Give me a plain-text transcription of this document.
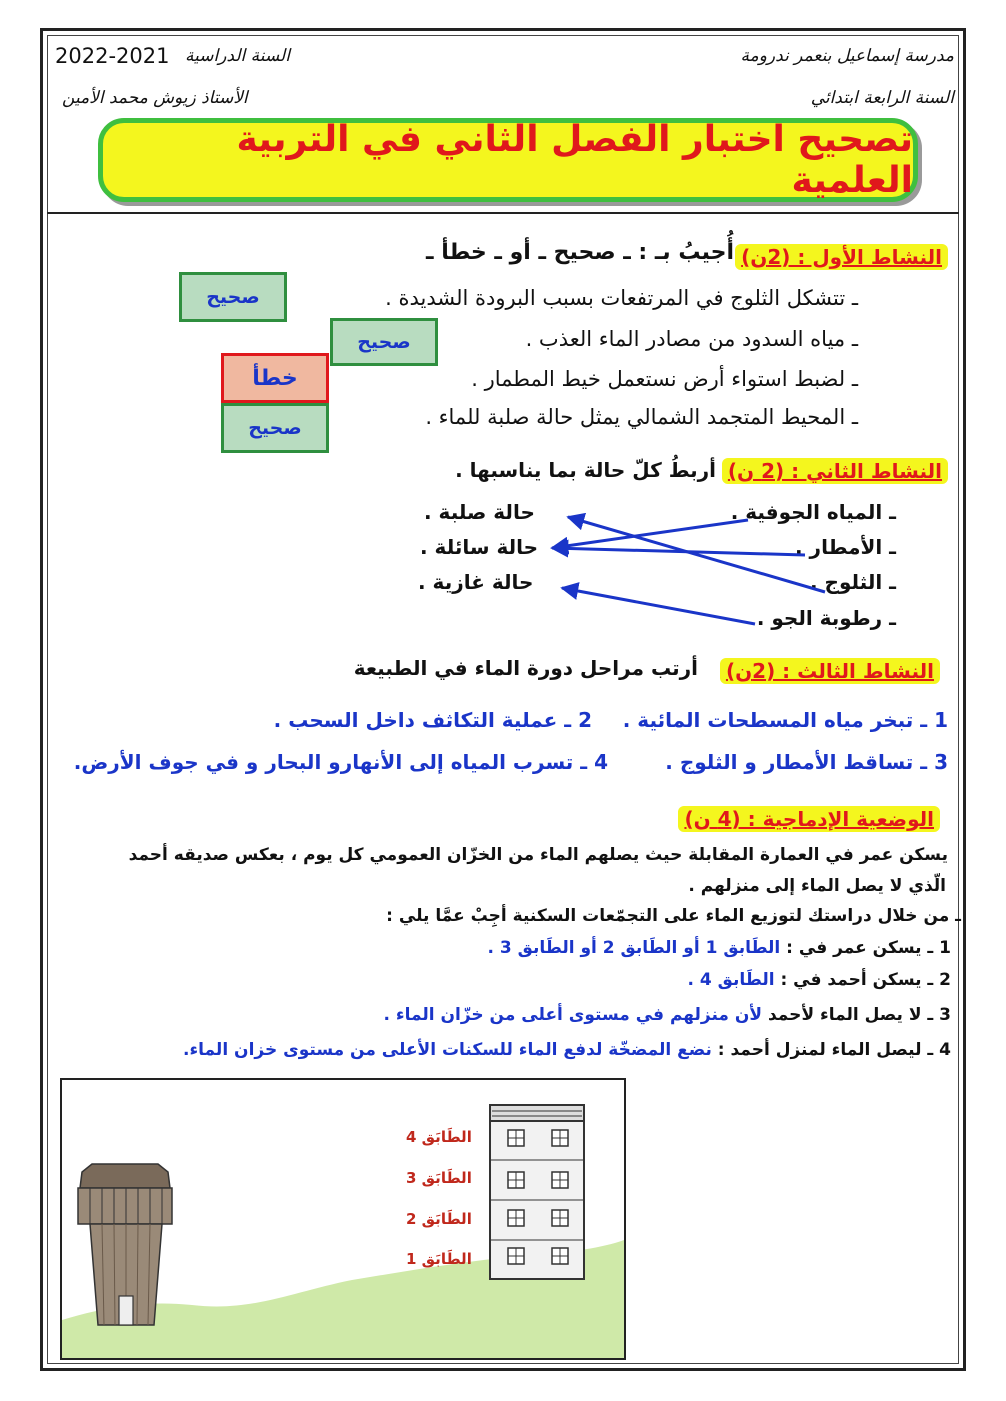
مدرسة إسماعيل بنعمر ندرومة
السنة الدراسية
2022-2021
السنة الرابعة ابتدائي
الأستاذ زيوش محمد الأمين
تصحيح اختبار الفصل الثاني في التربية العلمية
النشاط الأول : (2ن)
أُجيبُ بـ : ـ صحيح ـ أو ـ خطأ ـ
ـ تتشكل الثلوج في المرتفعات بسبب البرودة الشديدة .
ـ مياه السدود من مصادر الماء العذب .
ـ لضبط استواء أرض نستعمل خيط المطمار .
ـ المحيط المتجمد الشمالي يمثل حالة صلبة للماء .
صحيح
صحيح
خطأ
صحيح
النشاط الثاني : (2 ن)
أربطُ كلّ حالة بما يناسبها .
ـ المياه الجوفية .
ـ الأمطار .
ـ الثلوج .
ـ رطوبة الجو .
حالة صلبة .
حالة سائلة .
حالة غازية .
النشاط الثالث : (2ن)
أرتب مراحل دورة الماء في الطبيعة
1 ـ تبخر مياه المسطحات المائية .
2 ـ عملية التكاثف داخل السحب .
3 ـ تساقط الأمطار و الثلوج .
4 ـ تسرب المياه إلى الأنهارو البحار و في جوف الأرض.
الوضعية الإدماجية : (4 ن)
يسكن عمر في العمارة المقابلة حيث يصلهم الماء من الخزّان العمومي كل يوم ، بعكس صديقه أحمد
الّذي لا يصل الماء إلى منزلهم .
ـ من خلال دراستك لتوزيع الماء على التجمّعات السكنية أجِبْ عمَّا يلي :
1 ـ يسكن عمر في : الطَابق 1 أو الطَابق 2 أو الطَابق 3 .
2 ـ يسكن أحمد في : الطَابق 4 .
3 ـ لا يصل الماء لأحمد لأن منزلهم في مستوى أعلى من خزّان الماء .
4 ـ ليصل الماء لمنزل أحمد : نضع المضخّة لدفع الماء للسكنات الأعلى من مستوى خزان الماء.
الطَابَق 4
الطَابَق 3
الطَابَق 2
الطَابَق 1
